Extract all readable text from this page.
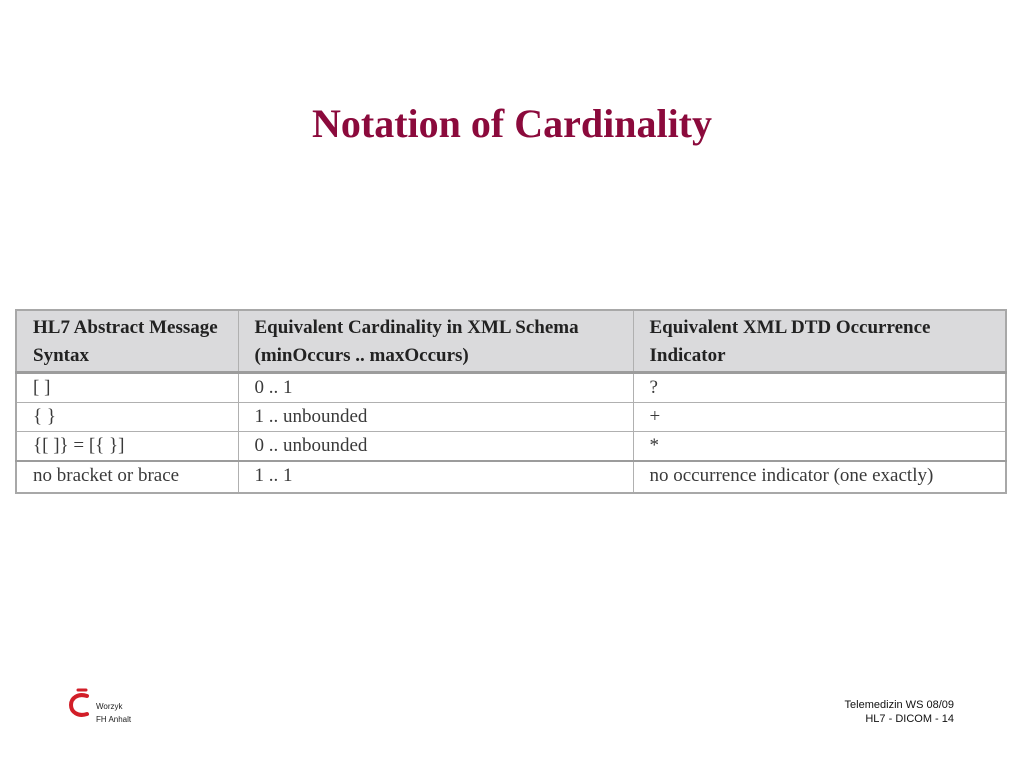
Notation of Cardinality
HL7 Abstract Message Syntax	Equivalent Cardinality in XML Schema (minOccurs .. maxOccurs)	Equivalent XML DTD Occurrence Indicator
[ ]	0 .. 1	?
{ }	1 .. unbounded	+
{[ ]} = [{ }]	0 .. unbounded	*
no bracket or brace	1 .. 1	no occurrence indicator (one exactly)
Worzyk
FH Anhalt
Telemedizin WS 08/09
HL7 - DICOM - 14
